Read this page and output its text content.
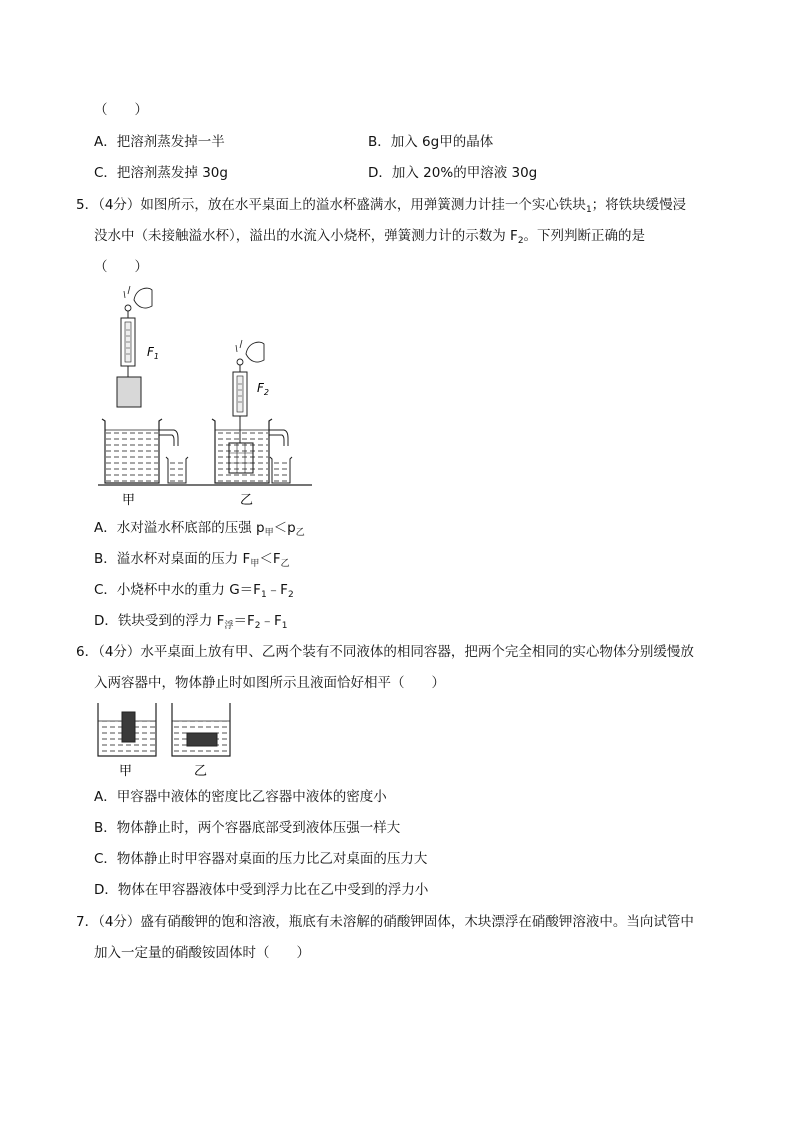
（　　）
A．把溶剂蒸发掉一半	B．加入 6g甲的晶体
C．把溶剂蒸发掉 30g	D．加入 20%的甲溶液 30g
5．（4分）如图所示，放在水平桌面上的溢水杯盛满水，用弹簧测力计挂一个实心铁块$_1$；将铁块缓慢浸
没水中（未接触溢水杯），溢出的水流入小烧杯，弹簧测力计的示数为 $F_2$。下列判断正确的是
（　　）
$F_1$
甲
$F_2$
乙
A．水对溢水杯底部的压强 $p_甲<p_乙$
B．溢水杯对桌面的压力 $F_甲<F_乙$
C．小烧杯中水的重力 $G=F_1﹣F_2$
D．铁块受到的浮力 $F_浮=F_2﹣F_1$
6．（4分）水平桌面上放有甲、乙两个装有不同液体的相同容器，把两个完全相同的实心物体分别缓慢放
入两容器中，物体静止时如图所示且液面恰好相平（　　）
甲	乙
A．甲容器中液体的密度比乙容器中液体的密度小
B．物体静止时，两个容器底部受到液体压强一样大
C．物体静止时甲容器对桌面的压力比乙对桌面的压力大
D．物体在甲容器液体中受到浮力比在乙中受到的浮力小
7．（4分）盛有硝酸钾的饱和溶液，瓶底有未溶解的硝酸钾固体，木块漂浮在硝酸钾溶液中。当向试管中
加入一定量的硝酸铵固体时（　　）
